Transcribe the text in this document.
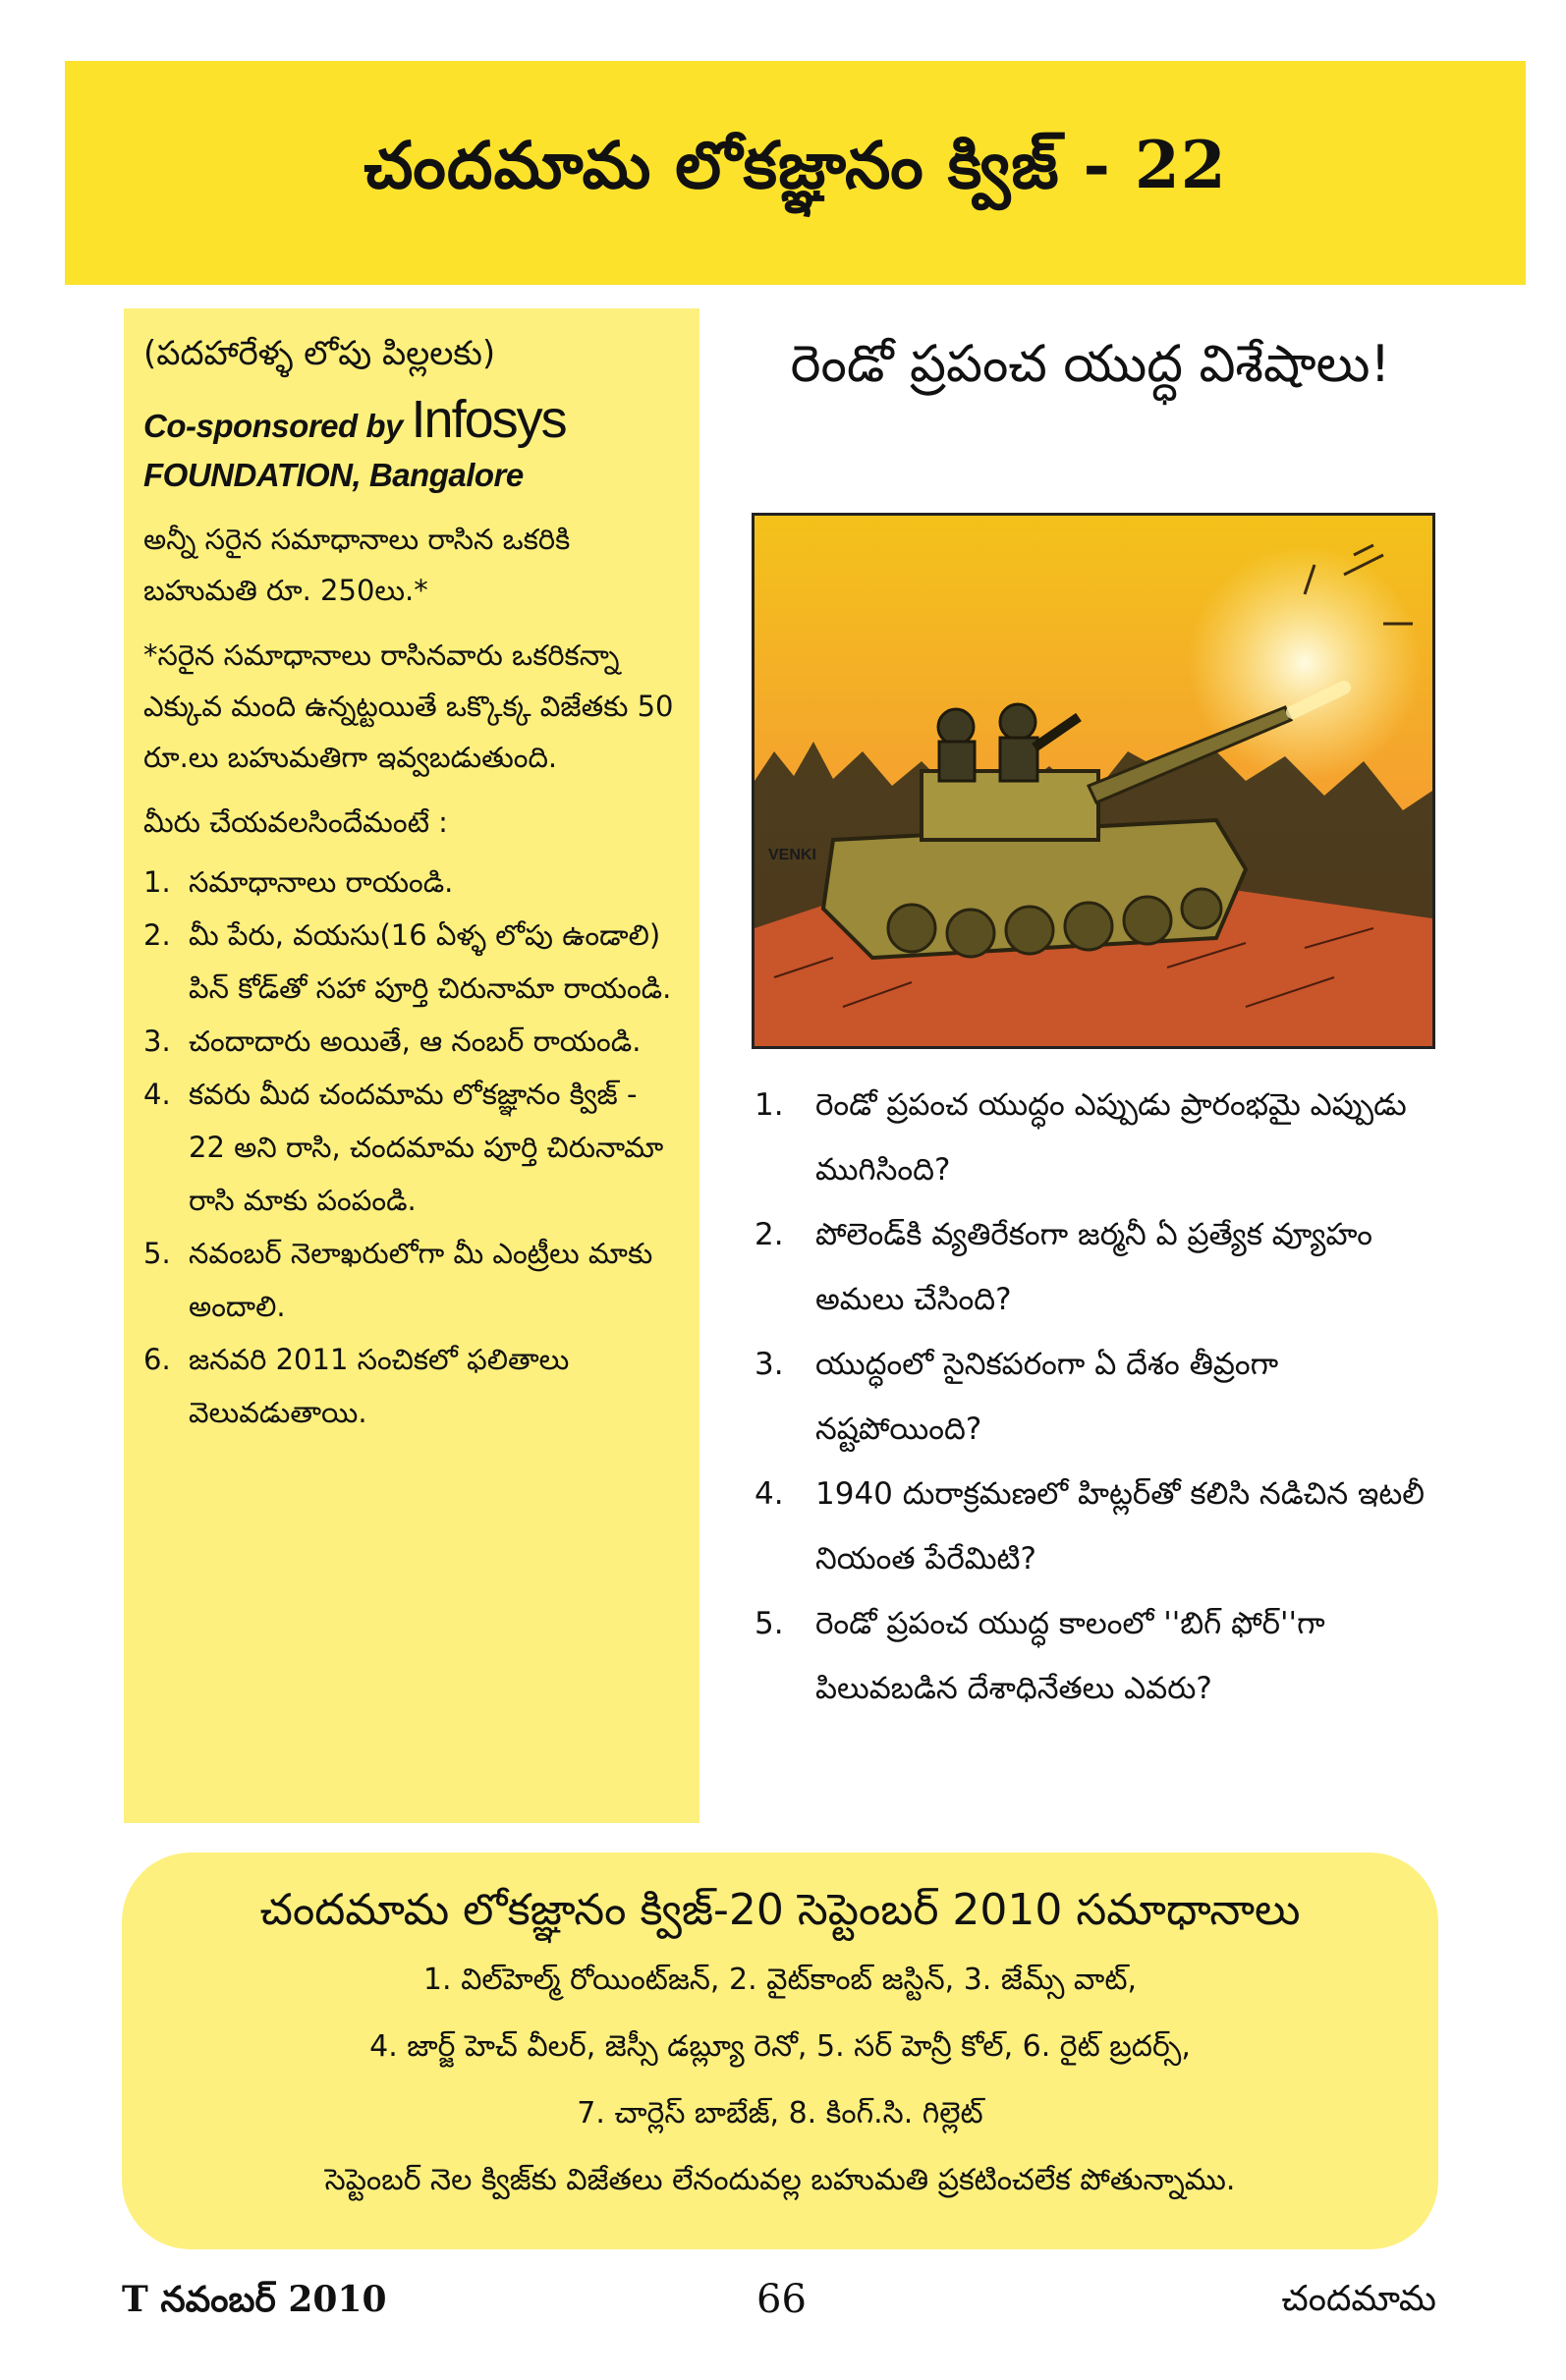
చందమామ లోకజ్ఞానం క్విజ్ - 22
(పదహారేళ్ళ లోపు పిల్లలకు)
Co-sponsored by Infosys
FOUNDATION, Bangalore

అన్నీ సరైన సమాధానాలు రాసిన ఒకరికి బహుమతి రూ. 250లు.*

*సరైన సమాధానాలు రాసినవారు ఒకరికన్నా ఎక్కువ మంది ఉన్నట్టయితే ఒక్కొక్క విజేతకు 50 రూ.లు బహుమతిగా ఇవ్వబడుతుంది.

మీరు చేయవలసిందేమంటే :

1. సమాధానాలు రాయండి.
2. మీ పేరు, వయసు(16 ఏళ్ళ లోపు ఉండాలి) పిన్ కోడ్‌తో సహా పూర్తి చిరునామా రాయండి.
3. చందాదారు అయితే, ఆ నంబర్ రాయండి.
4. కవరు మీద చందమామ లోకజ్ఞానం క్విజ్ - 22 అని రాసి, చందమామ పూర్తి చిరునామా రాసి మాకు పంపండి.
5. నవంబర్ నెలాఖరులోగా మీ ఎంట్రీలు మాకు అందాలి.
6. జనవరి 2011 సంచికలో ఫలితాలు వెలువడుతాయి.
రెండో ప్రపంచ యుద్ధ విశేషాలు!
VENKI
1.	రెండో ప్రపంచ యుద్ధం ఎప్పుడు ప్రారంభమై ఎప్పుడు ముగిసింది?
2.	పోలెండ్‌కి వ్యతిరేకంగా జర్మనీ ఏ ప్రత్యేక వ్యూహం అమలు చేసింది?
3.	యుద్ధంలో సైనికపరంగా ఏ దేశం తీవ్రంగా నష్టపోయింది?
4.	1940 దురాక్రమణలో హిట్లర్‌తో కలిసి నడిచిన ఇటలీ నియంత పేరేమిటి?
5.	రెండో ప్రపంచ యుద్ధ కాలంలో ''బిగ్ ఫోర్''గా పిలువబడిన దేశాధినేతలు ఎవరు?
చందమామ లోకజ్ఞానం క్విజ్-20 సెప్టెంబర్ 2010 సమాధానాలు
1. విల్‌హెల్మ్ రోయింట్‌జన్, 2. వైట్‌కాంబ్ జస్టిన్, 3. జేమ్స్ వాట్,
4. జార్జ్ హెచ్ వీలర్, జెస్సీ డబ్ల్యూ రెనో, 5. సర్ హెన్రీ కోల్, 6. రైట్ బ్రదర్స్,
7. చార్లెస్ బాబేజ్, 8. కింగ్.సి. గిల్లెట్
సెప్టెంబర్ నెల క్విజ్‌కు విజేతలు లేనందువల్ల బహుమతి ప్రకటించలేక పోతున్నాము.
T నవంబర్ 2010	66	చందమామ
